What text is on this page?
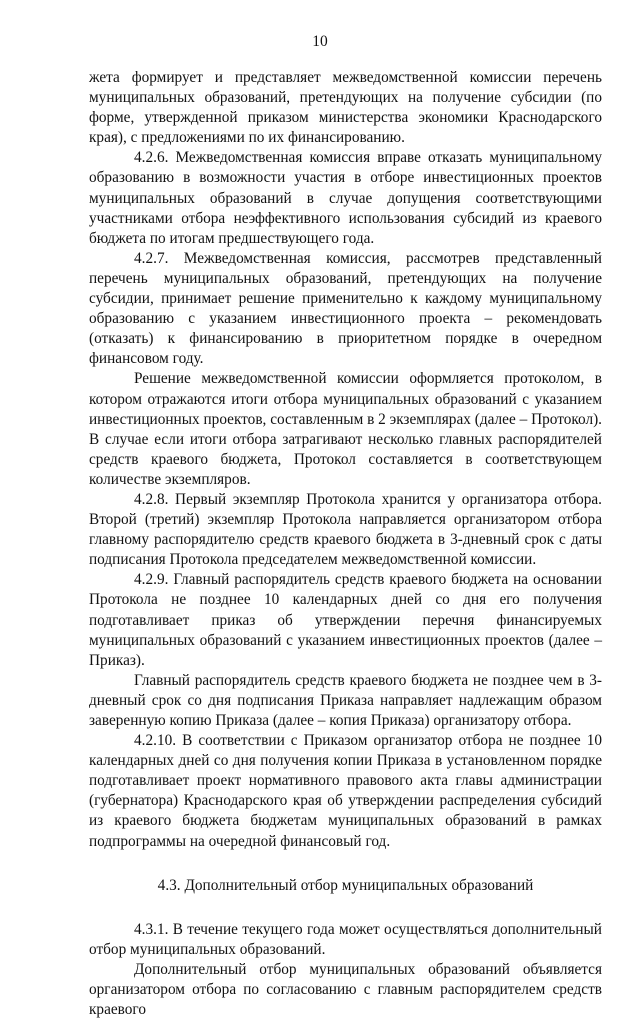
10

жета формирует и представляет межведомственной комиссии перечень муниципальных образований, претендующих на получение субсидии (по форме, утвержденной приказом министерства экономики Краснодарского края), с предложениями по их финансированию.

4.2.6. Межведомственная комиссия вправе отказать муниципальному образованию в возможности участия в отборе инвестиционных проектов муниципальных образований в случае допущения соответствующими участниками отбора неэффективного использования субсидий из краевого бюджета по итогам предшествующего года.

4.2.7. Межведомственная комиссия, рассмотрев представленный перечень муниципальных образований, претендующих на получение субсидии, принимает решение применительно к каждому муниципальному образованию с указанием инвестиционного проекта – рекомендовать (отказать) к финансированию в приоритетном порядке в очередном финансовом году.

Решение межведомственной комиссии оформляется протоколом, в котором отражаются итоги отбора муниципальных образований с указанием инвестиционных проектов, составленным в 2 экземплярах (далее – Протокол). В случае если итоги отбора затрагивают несколько главных распорядителей средств краевого бюджета, Протокол составляется в соответствующем количестве экземпляров.

4.2.8. Первый экземпляр Протокола хранится у организатора отбора. Второй (третий) экземпляр Протокола направляется организатором отбора главному распорядителю средств краевого бюджета в 3-дневный срок с даты подписания Протокола председателем межведомственной комиссии.

4.2.9. Главный распорядитель средств краевого бюджета на основании Протокола не позднее 10 календарных дней со дня его получения подготавливает приказ об утверждении перечня финансируемых муниципальных образований с указанием инвестиционных проектов (далее – Приказ).

Главный распорядитель средств краевого бюджета не позднее чем в 3-дневный срок со дня подписания Приказа направляет надлежащим образом заверенную копию Приказа (далее – копия Приказа) организатору отбора.

4.2.10. В соответствии с Приказом организатор отбора не позднее 10 календарных дней со дня получения копии Приказа в установленном порядке подготавливает проект нормативного правового акта главы администрации (губернатора) Краснодарского края об утверждении распределения субсидий из краевого бюджета бюджетам муниципальных образований в рамках подпрограммы на очередной финансовый год.

4.3. Дополнительный отбор муниципальных образований

4.3.1. В течение текущего года может осуществляться дополнительный отбор муниципальных образований.

Дополнительный отбор муниципальных образований объявляется организатором отбора по согласованию с главным распорядителем средств краевого
